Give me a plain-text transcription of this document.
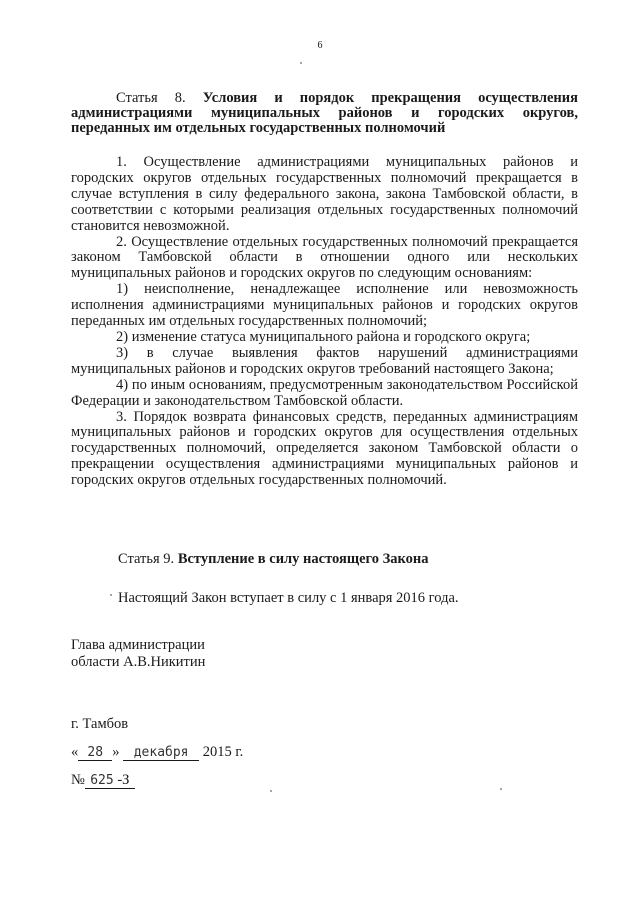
6
Статья 8. Условия и порядок прекращения осуществления администрациями муниципальных районов и городских округов, переданных им отдельных государственных полномочий

1. Осуществление администрациями муниципальных районов и городских округов отдельных государственных полномочий прекращается в случае вступления в силу федерального закона, закона Тамбовской области, в соответствии с которыми реализация отдельных государственных полномочий становится невозможной.

2. Осуществление отдельных государственных полномочий прекращается законом Тамбовской области в отношении одного или нескольких муниципальных районов и городских округов по следующим основаниям:

1) неисполнение, ненадлежащее исполнение или невозможность исполнения администрациями муниципальных районов и городских округов переданных им отдельных государственных полномочий;

2) изменение статуса муниципального района и городского округа;

3) в случае выявления фактов нарушений администрациями муниципальных районов и городских округов требований настоящего Закона;

4) по иным основаниям, предусмотренным законодательством Российской Федерации и законодательством Тамбовской области.

3. Порядок возврата финансовых средств, переданных администрациям муниципальных районов и городских округов для осуществления отдельных государственных полномочий, определяется законом Тамбовской области о прекращении осуществления администрациями муниципальных районов и городских округов отдельных государственных полномочий.

Статья 9. Вступление в силу настоящего Закона
Настоящий Закон вступает в силу с 1 января 2016 года.
Глава администрации
области А.В.Никитин
г. Тамбов
« 28 » декабря 2015 г.
№ 625 -З
